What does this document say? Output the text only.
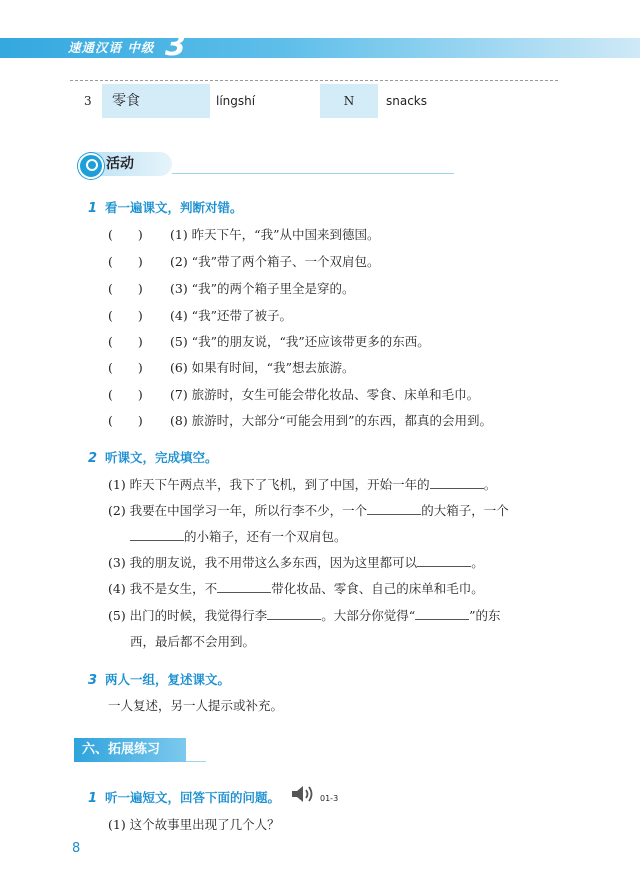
速通汉语 中级 3
3	零食	língshí	N	snacks
活动
1 看一遍课文，判断对错。
(　　) (1) 昨天下午，“我”从中国来到德国。
(　　) (2) “我”带了两个箱子、一个双肩包。
(　　) (3) “我”的两个箱子里全是穿的。
(　　) (4) “我”还带了被子。
(　　) (5) “我”的朋友说，“我”还应该带更多的东西。
(　　) (6) 如果有时间，“我”想去旅游。
(　　) (7) 旅游时，女生可能会带化妆品、零食、床单和毛巾。
(　　) (8) 旅游时，大部分“可能会用到”的东西，都真的会用到。
2 听课文，完成填空。
(1) 昨天下午两点半，我下了飞机，到了中国，开始一年的	。
(2) 我要在中国学习一年，所以行李不少，一个	的大箱子，一个
的小箱子，还有一个双肩包。
(3) 我的朋友说，我不用带这么多东西，因为这里都可以	。
(4) 我不是女生，不	带化妆品、零食、自己的床单和毛巾。
(5) 出门的时候，我觉得行李	。大部分你觉得“	”的东
西，最后都不会用到。
3 两人一组，复述课文。
一人复述，另一人提示或补充。
六、拓展练习
1 听一遍短文，回答下面的问题。	01-3
(1) 这个故事里出现了几个人？
8
